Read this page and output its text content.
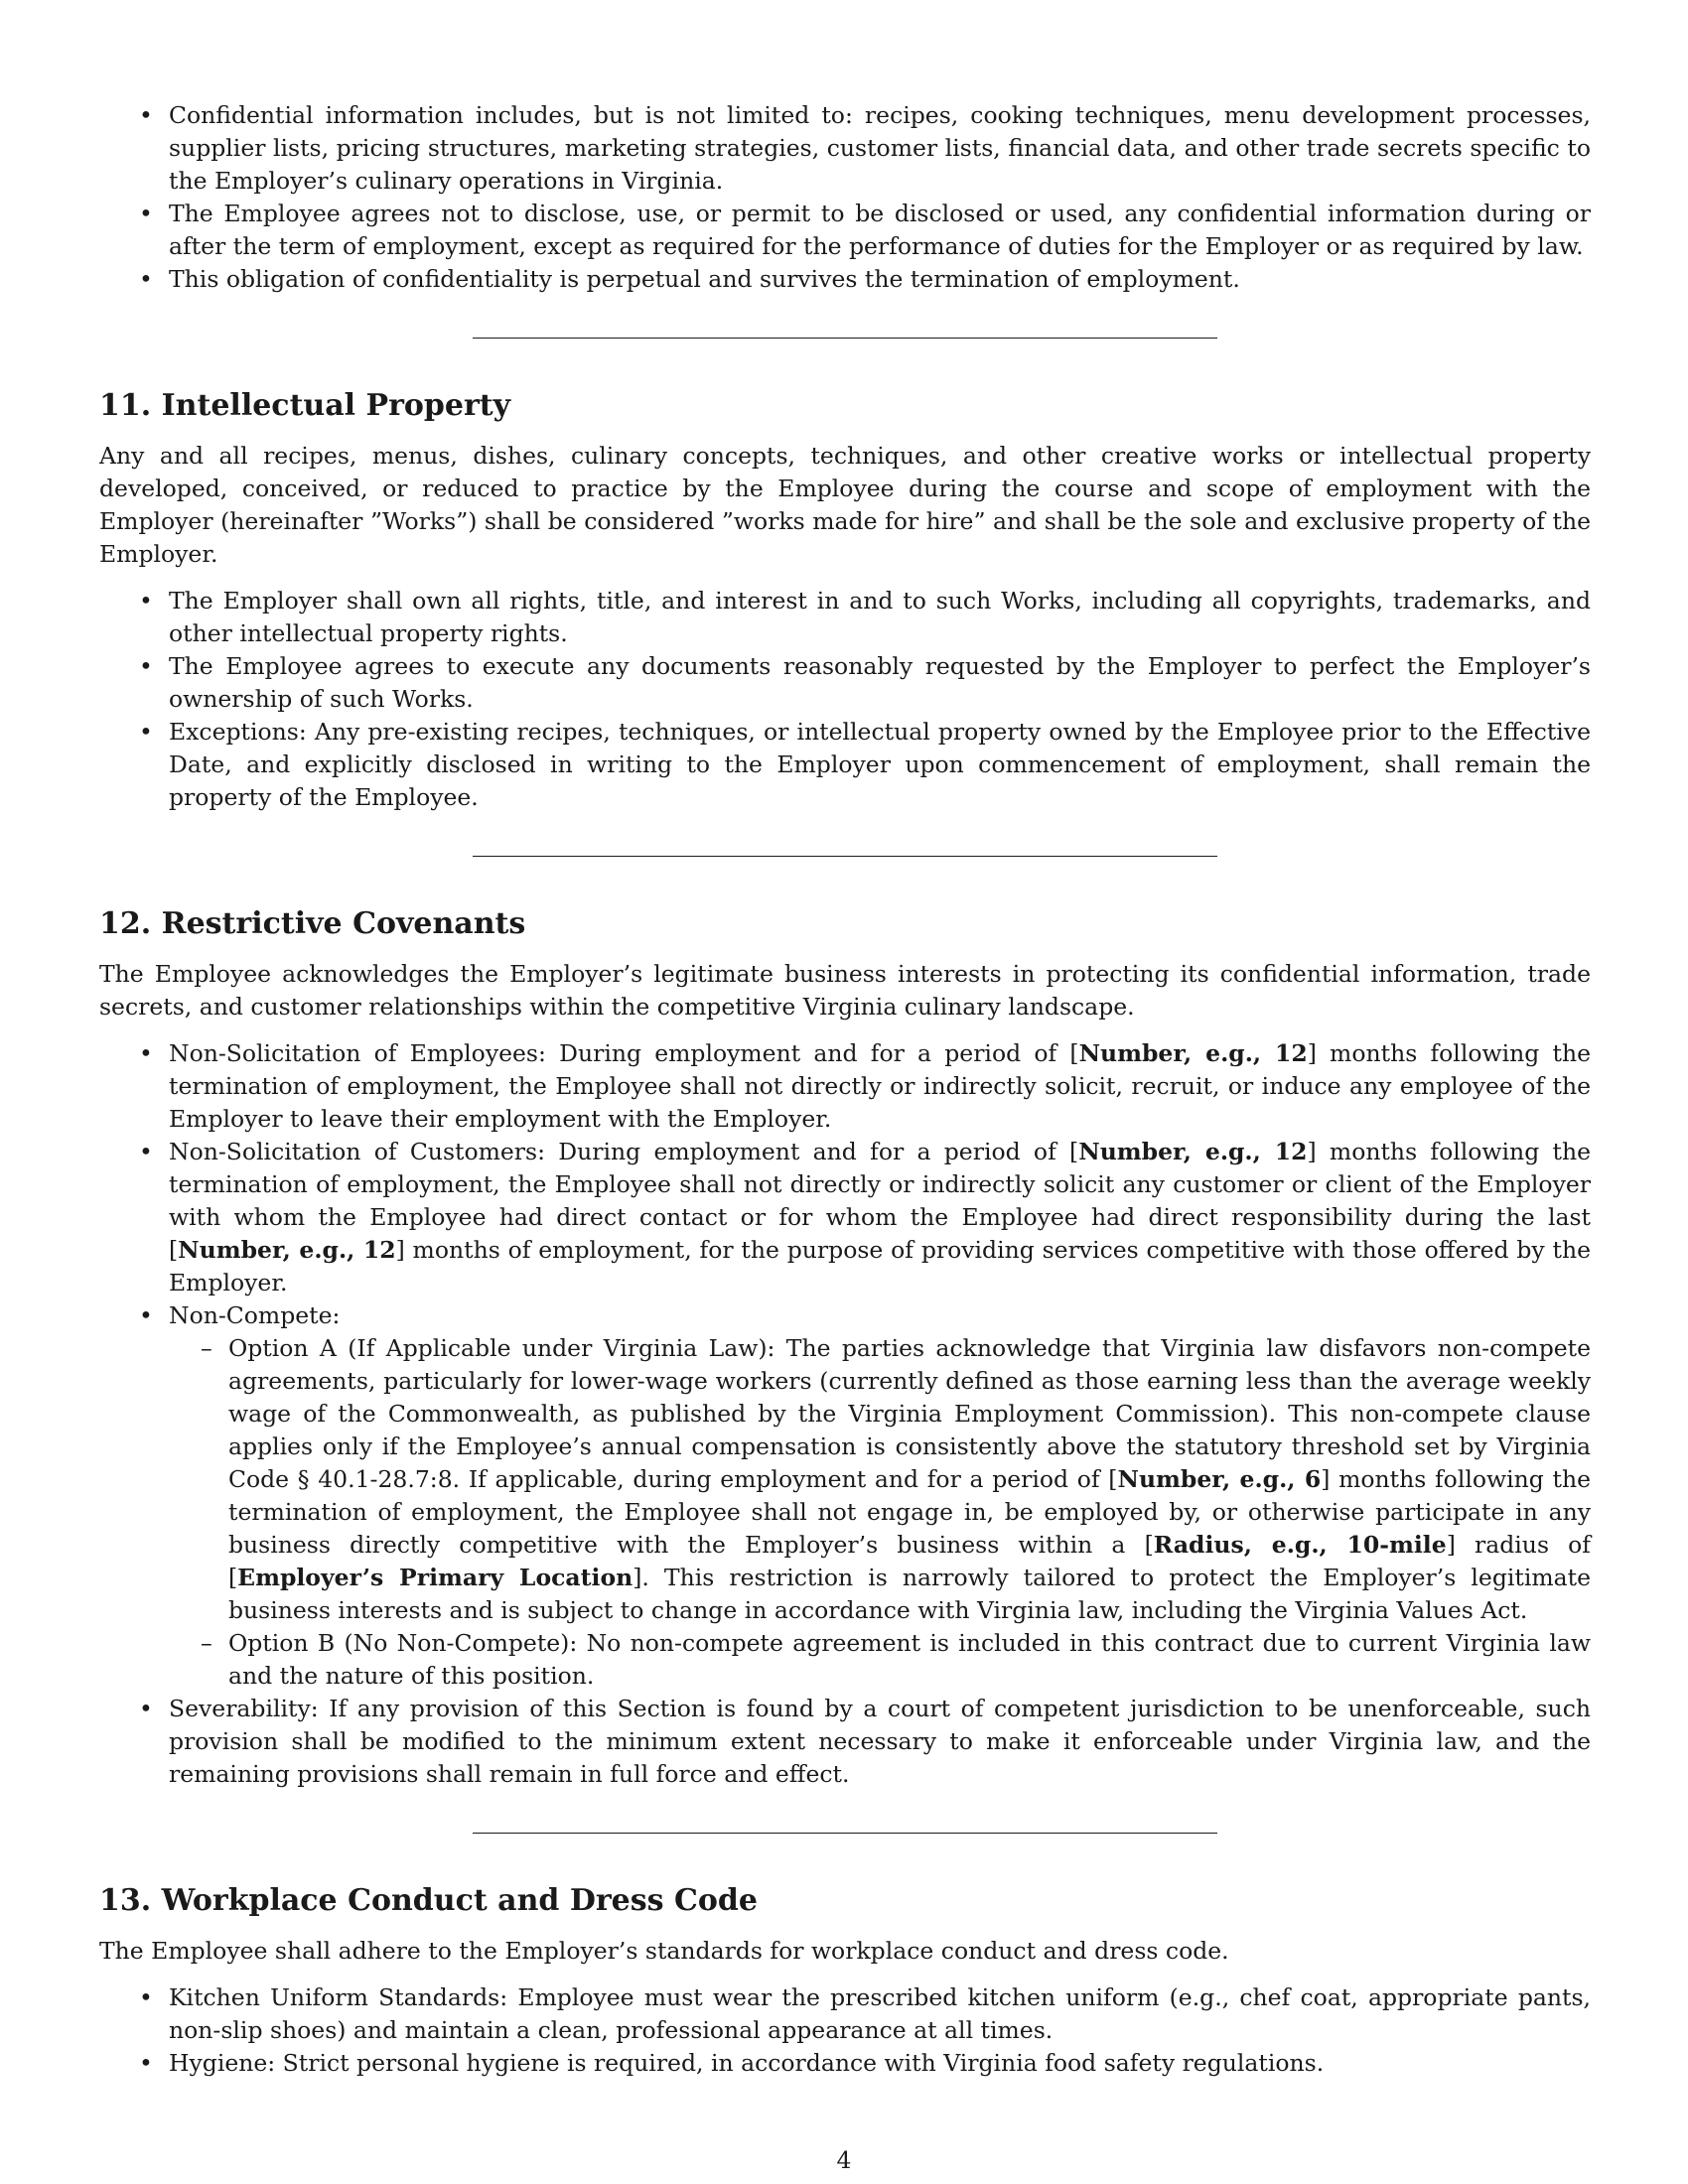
• Confidential information includes, but is not limited to: recipes, cooking techniques, menu development processes, supplier lists, pricing structures, marketing strategies, customer lists, financial data, and other trade secrets specific to the Employer’s culinary operations in Virginia.
• The Employee agrees not to disclose, use, or permit to be disclosed or used, any confidential information during or after the term of employment, except as required for the performance of duties for the Employer or as required by law.
• This obligation of confidentiality is perpetual and survives the termination of employment.
11. Intellectual Property

Any and all recipes, menus, dishes, culinary concepts, techniques, and other creative works or intellectual property developed, conceived, or reduced to practice by the Employee during the course and scope of employment with the Employer (hereinafter ”Works”) shall be considered ”works made for hire” and shall be the sole and exclusive property of the Employer.

• The Employer shall own all rights, title, and interest in and to such Works, including all copyrights, trademarks, and other intellectual property rights.
• The Employee agrees to execute any documents reasonably requested by the Employer to perfect the Employer’s ownership of such Works.
• Exceptions: Any pre-existing recipes, techniques, or intellectual property owned by the Employee prior to the Effective Date, and explicitly disclosed in writing to the Employer upon commencement of employment, shall remain the property of the Employee.
12. Restrictive Covenants

The Employee acknowledges the Employer’s legitimate business interests in protecting its confidential information, trade secrets, and customer relationships within the competitive Virginia culinary landscape.

• Non-Solicitation of Employees: During employment and for a period of [Number, e.g., 12] months following the termination of employment, the Employee shall not directly or indirectly solicit, recruit, or induce any employee of the Employer to leave their employment with the Employer.
• Non-Solicitation of Customers: During employment and for a period of [Number, e.g., 12] months following the termination of employment, the Employee shall not directly or indirectly solicit any customer or client of the Employer with whom the Employee had direct contact or for whom the Employee had direct responsibility during the last [Number, e.g., 12] months of employment, for the purpose of providing services competitive with those offered by the Employer.
• Non-Compete:
– Option A (If Applicable under Virginia Law): The parties acknowledge that Virginia law disfavors non-compete agreements, particularly for lower-wage workers (currently defined as those earning less than the average weekly wage of the Commonwealth, as published by the Virginia Employment Commission). This non-compete clause applies only if the Employee’s annual compensation is consistently above the statutory threshold set by Virginia Code § 40.1-28.7:8. If applicable, during employment and for a period of [Number, e.g., 6] months following the termination of employment, the Employee shall not engage in, be employed by, or otherwise participate in any business directly competitive with the Employer’s business within a [Radius, e.g., 10-mile] radius of [Employer’s Primary Location]. This restriction is narrowly tailored to protect the Employer’s legitimate business interests and is subject to change in accordance with Virginia law, including the Virginia Values Act.
– Option B (No Non-Compete): No non-compete agreement is included in this contract due to current Virginia law and the nature of this position.
• Severability: If any provision of this Section is found by a court of competent jurisdiction to be unenforceable, such provision shall be modified to the minimum extent necessary to make it enforceable under Virginia law, and the remaining provisions shall remain in full force and effect.
13. Workplace Conduct and Dress Code

The Employee shall adhere to the Employer’s standards for workplace conduct and dress code.

• Kitchen Uniform Standards: Employee must wear the prescribed kitchen uniform (e.g., chef coat, appropriate pants, non-slip shoes) and maintain a clean, professional appearance at all times.
• Hygiene: Strict personal hygiene is required, in accordance with Virginia food safety regulations.
4
